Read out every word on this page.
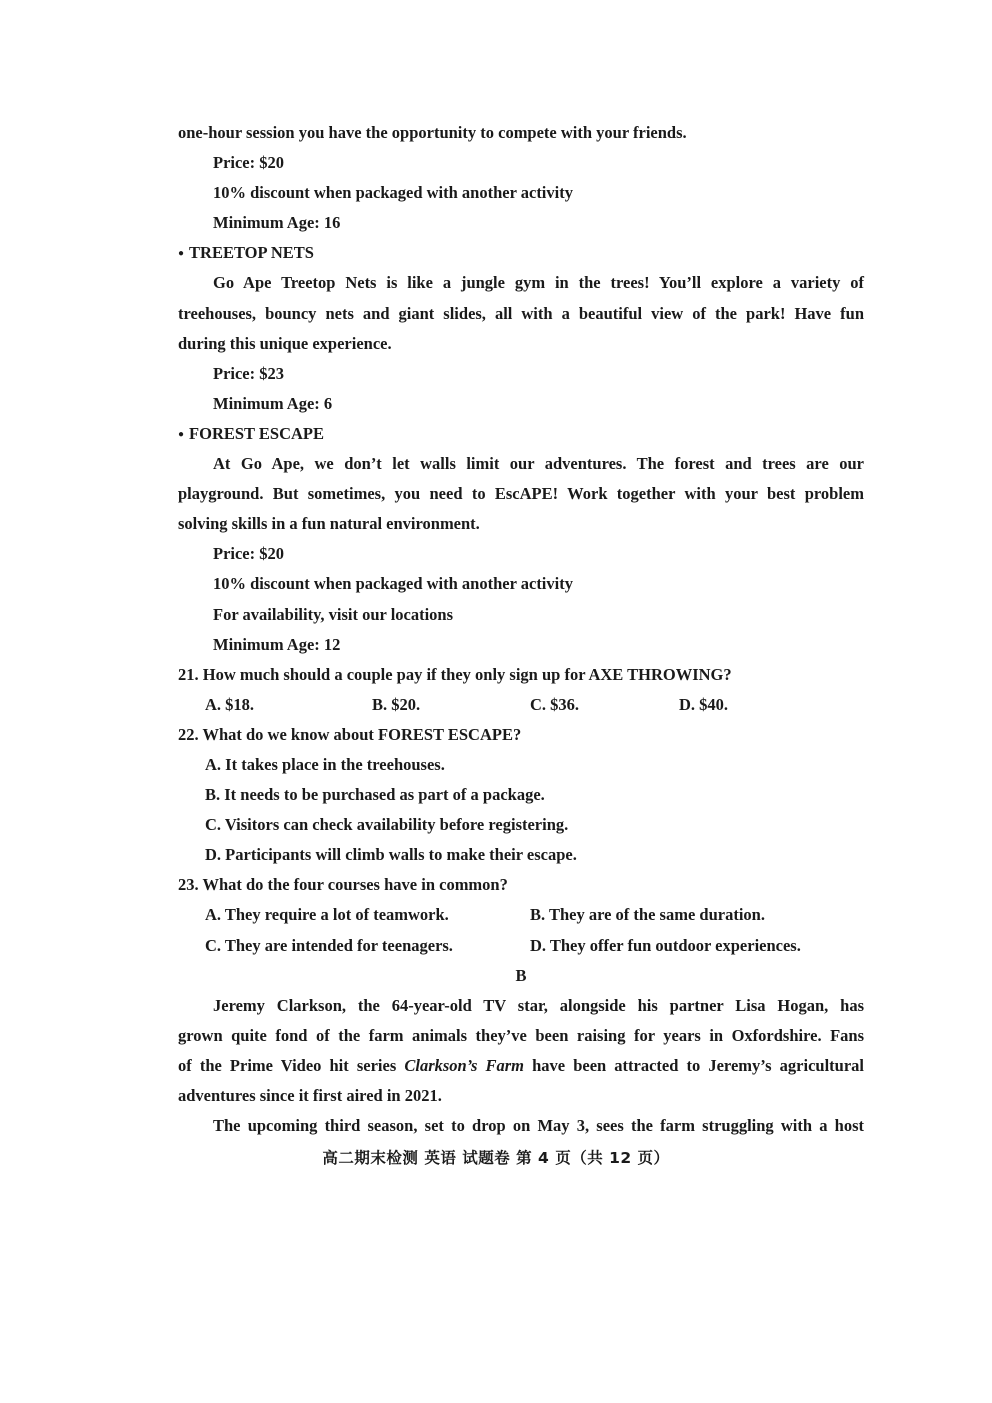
one-hour session you have the opportunity to compete with your friends.
Price: $20
10% discount when packaged with another activity
Minimum Age: 16
● TREETOP NETS
Go Ape Treetop Nets is like a jungle gym in the trees! You’ll explore a variety of
treehouses, bouncy nets and giant slides, all with a beautiful view of the park! Have fun
during this unique experience.
Price: $23
Minimum Age: 6
● FOREST ESCAPE
At Go Ape, we don’t let walls limit our adventures. The forest and trees are our
playground. But sometimes, you need to EscAPE! Work together with your best problem
solving skills in a fun natural environment.
Price: $20
10% discount when packaged with another activity
For availability, visit our locations
Minimum Age: 12
21. How much should a couple pay if they only sign up for AXE THROWING?
A. $18.	B. $20.	C. $36.	D. $40.
22. What do we know about FOREST ESCAPE?
A. It takes place in the treehouses.
B. It needs to be purchased as part of a package.
C. Visitors can check availability before registering.
D. Participants will climb walls to make their escape.
23. What do the four courses have in common?
A. They require a lot of teamwork.	B. They are of the same duration.
C. They are intended for teenagers.	D. They offer fun outdoor experiences.
B
Jeremy Clarkson, the 64-year-old TV star, alongside his partner Lisa Hogan, has
grown quite fond of the farm animals they’ve been raising for years in Oxfordshire. Fans
of the Prime Video hit series Clarkson’s Farm have been attracted to Jeremy’s agricultural
adventures since it first aired in 2021.
The upcoming third season, set to drop on May 3, sees the farm struggling with a host
高二期末检测 英语 试题卷 第 4 页（共 12 页）
